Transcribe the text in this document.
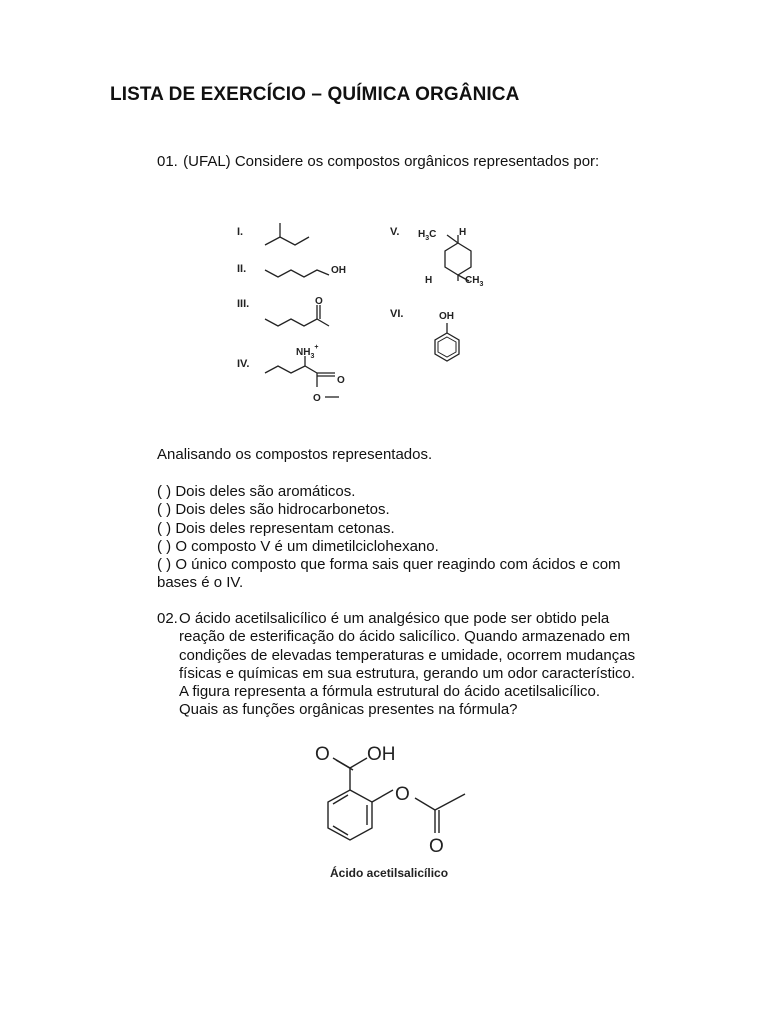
LISTA DE EXERCÍCIO – QUÍMICA ORGÂNICA
01. (UFAL) Considere os compostos orgânicos representados por:
I.
II.
III.
IV.
V.
VI.
OH
O
$NH_3^+$
O
O
$H_3C$ H
H	$CH_3$
OH
Analisando os compostos representados.
( ) Dois deles são aromáticos.
( ) Dois deles são hidrocarbonetos.
( ) Dois deles representam cetonas.
( ) O composto V é um dimetilciclohexano.
( ) O único composto que forma sais quer reagindo com ácidos e com
bases é o IV.
02. O ácido acetilsalicílico é um analgésico que pode ser obtido pela
reação de esterificação do ácido salicílico. Quando armazenado em
condições de elevadas temperaturas e umidade, ocorrem mudanças
físicas e químicas em sua estrutura, gerando um odor característico.
A figura representa a fórmula estrutural do ácido acetilsalicílico.
Quais as funções orgânicas presentes na fórmula?
O OH
O
O
Ácido acetilsalicílico
